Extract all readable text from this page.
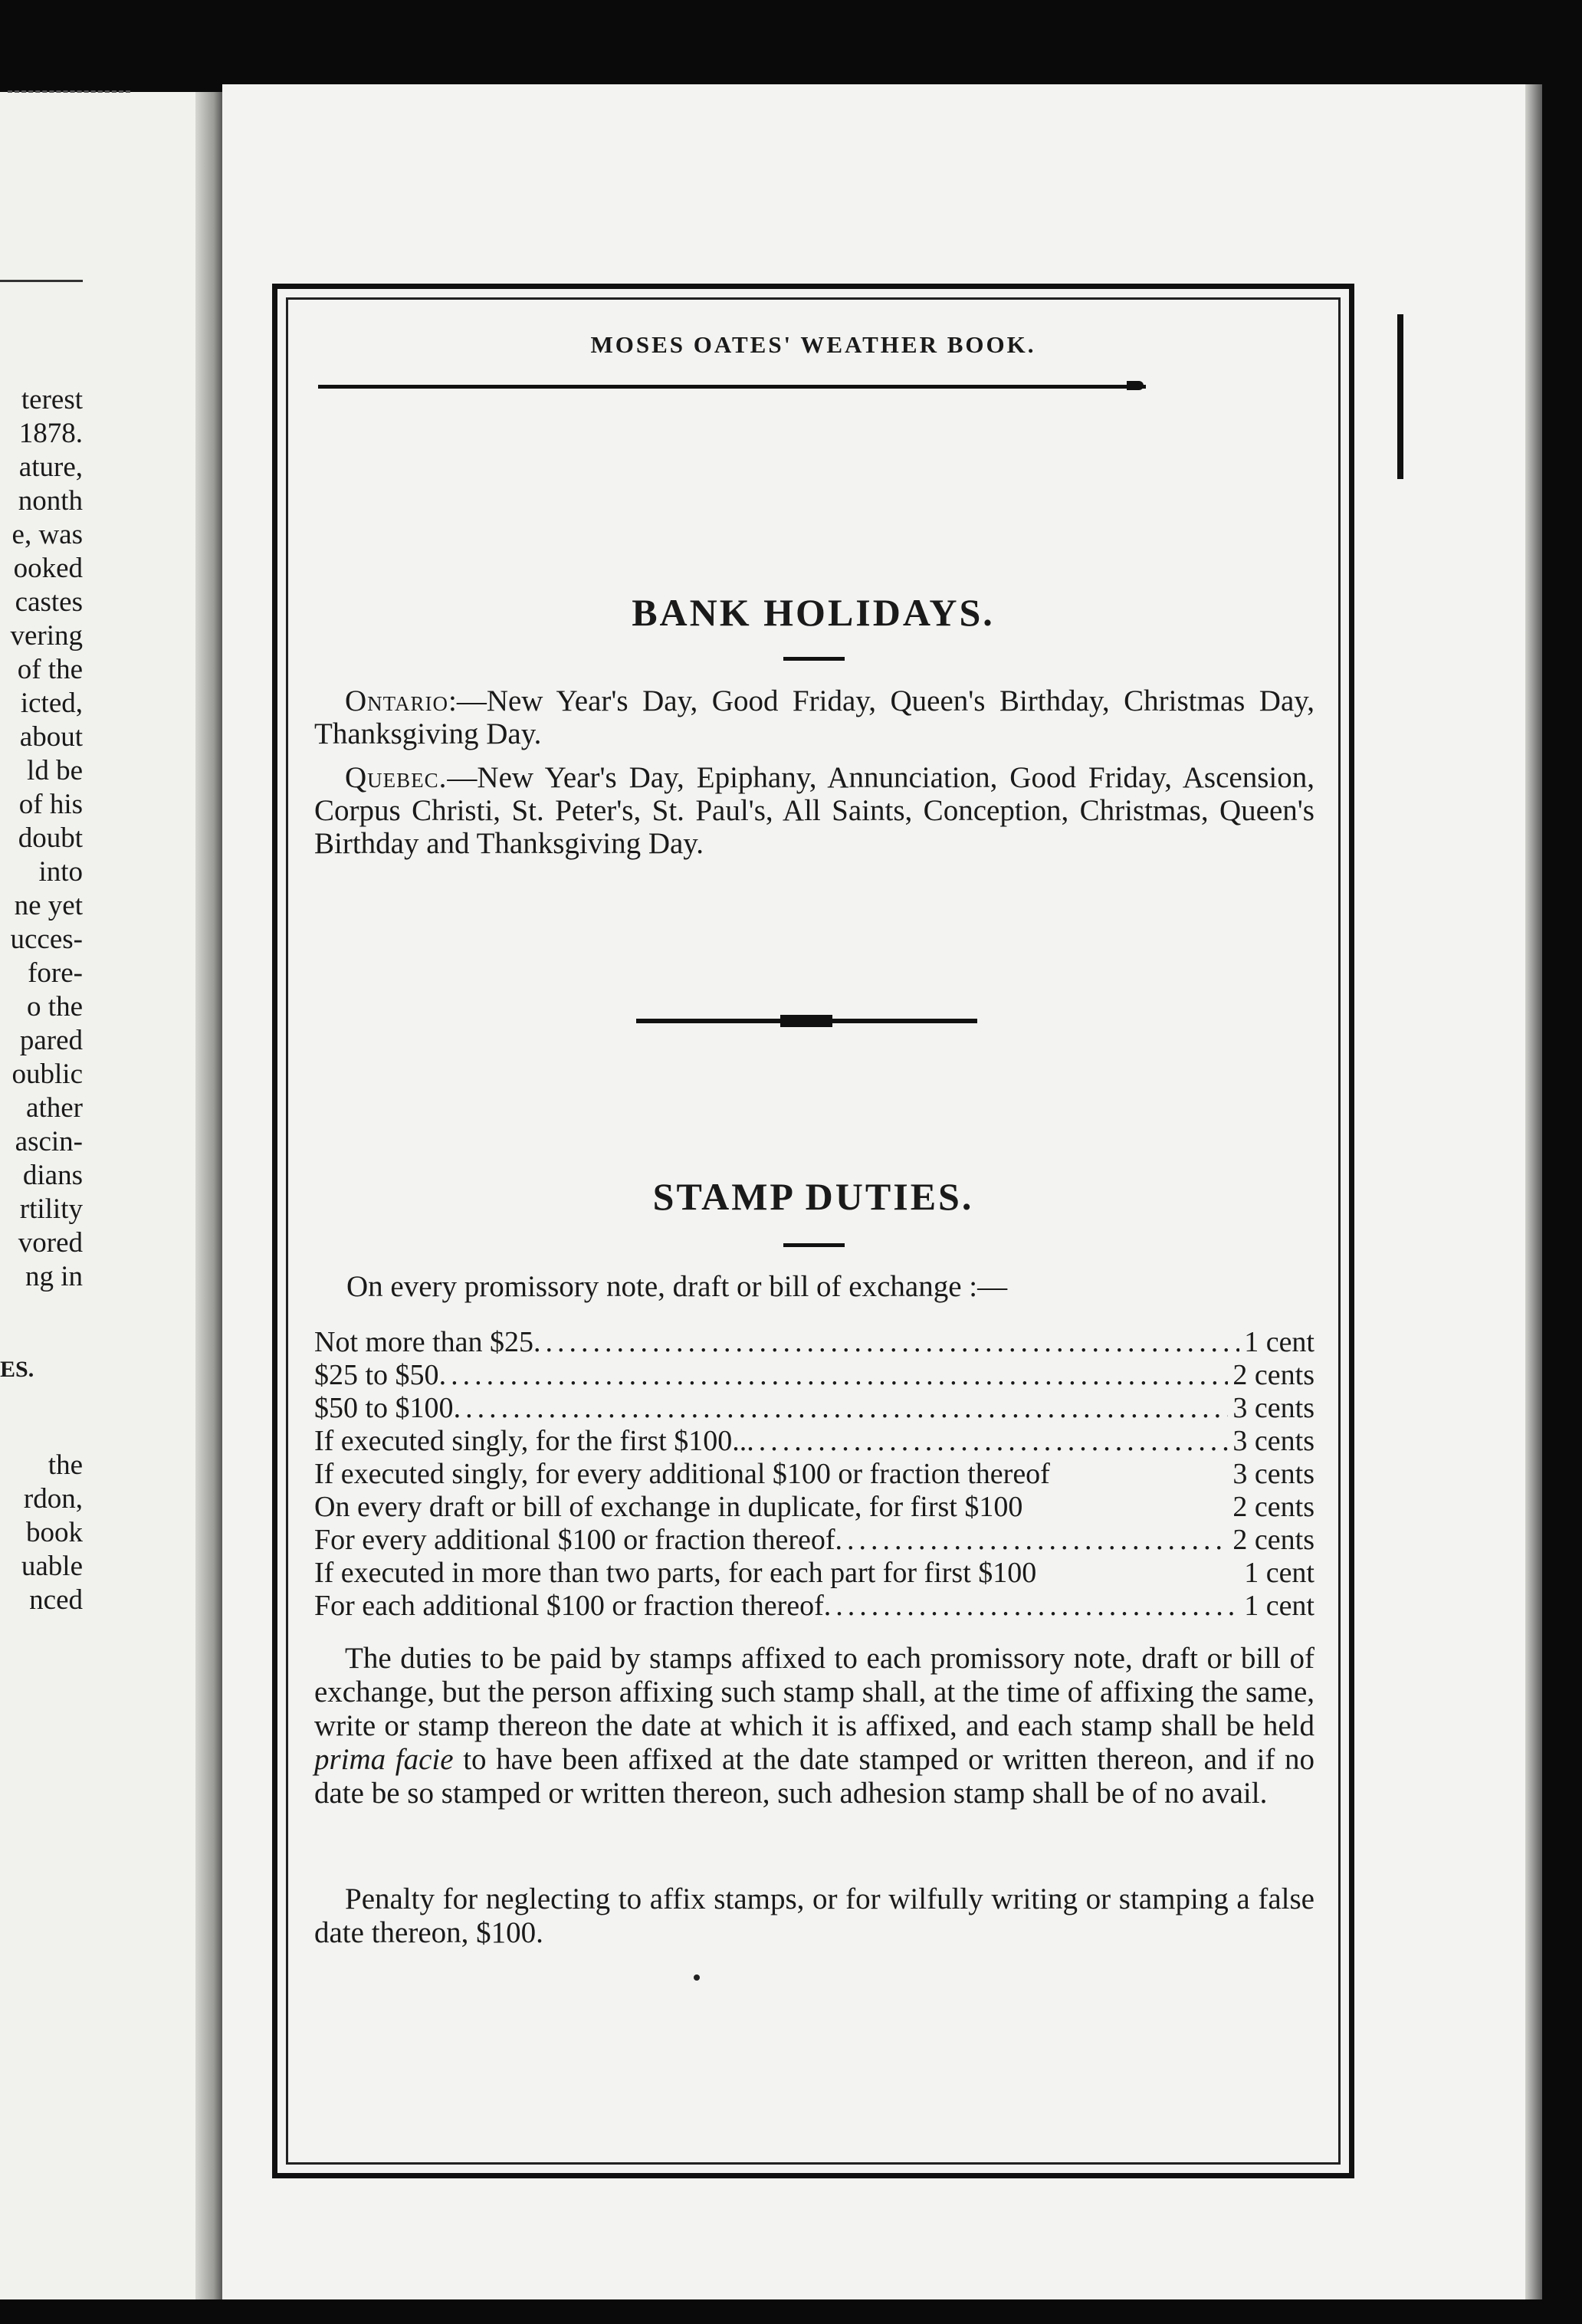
terest
1878.
ature,
nonth
e, was
ooked
castes
vering
of the
icted,
about
ld be
of his
doubt
into
ne yet
ucces-
fore-
o the
pared
oublic
ather
ascin-
dians
rtility
vored
ng in
ES.
the
rdon,
book
uable
nced
MOSES OATES' WEATHER BOOK.
BANK HOLIDAYS.
Ontario:—New Year's Day, Good Friday, Queen's Birthday, Christmas Day, Thanksgiving Day.
Quebec.—New Year's Day, Epiphany, Annunciation, Good Friday, Ascension, Corpus Christi, St. Peter's, St. Paul's, All Saints, Conception, Christmas, Queen's Birthday and Thanksgiving Day.
STAMP DUTIES.
On every promissory note, draft or bill of exchange :—
Not more than $25 .....	1 cent
$25 to $50 .....	2 cents
$50 to $100 .....	3 cents
If executed singly, for the first $100.. .....	3 cents
If executed singly, for every additional $100 or fraction thereof	3 cents
On every draft or bill of exchange in duplicate, for first $100	2 cents
For every additional $100 or fraction thereof .....	2 cents
If executed in more than two parts, for each part for first $100	1 cent
For each additional $100 or fraction thereof .....	1 cent
The duties to be paid by stamps affixed to each promissory note, draft or bill of exchange, but the person affixing such stamp shall, at the time of affixing the same, write or stamp thereon the date at which it is affixed, and each stamp shall be held prima facie to have been affixed at the date stamped or written thereon, and if no date be so stamped or written thereon, such adhesion stamp shall be of no avail.
Penalty for neglecting to affix stamps, or for wilfully writing or stamping a false date thereon, $100.
